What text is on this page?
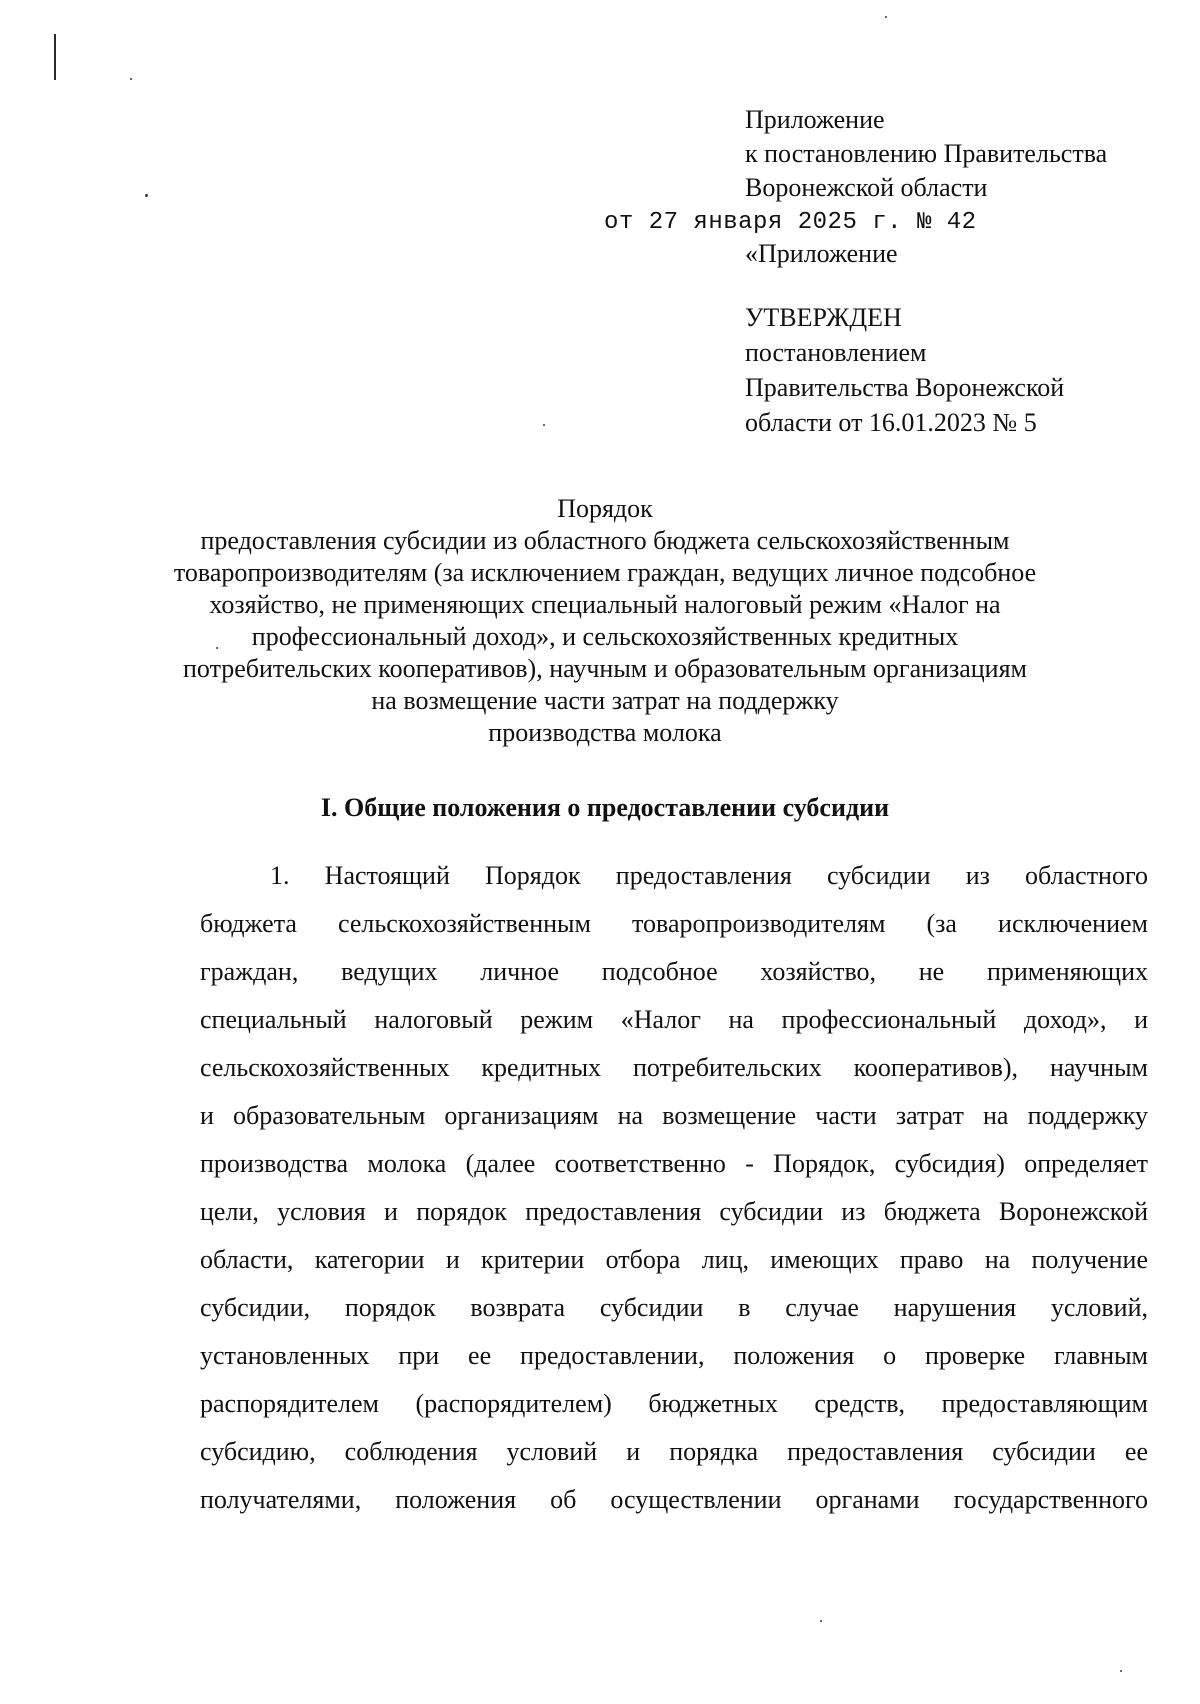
Приложение
к постановлению Правительства
Воронежской области
от 27 января 2025 г. № 42
«Приложение
УТВЕРЖДЕН
постановлением
Правительства Воронежской
области от 16.01.2023 № 5
Порядок
предоставления субсидии из областного бюджета сельскохозяйственным
товаропроизводителям (за исключением граждан, ведущих личное подсобное
хозяйство, не применяющих специальный налоговый режим «Налог на
профессиональный доход», и сельскохозяйственных кредитных
потребительских кооперативов), научным и образовательным организациям
на возмещение части затрат на поддержку
производства молока
I. Общие положения о предоставлении субсидии
1. Настоящий Порядок предоставления субсидии из областного
бюджета сельскохозяйственным товаропроизводителям (за исключением
граждан, ведущих личное подсобное хозяйство, не применяющих
специальный налоговый режим «Налог на профессиональный доход», и
сельскохозяйственных кредитных потребительских кооперативов), научным
и образовательным организациям на возмещение части затрат на поддержку
производства молока (далее соответственно - Порядок, субсидия) определяет
цели, условия и порядок предоставления субсидии из бюджета Воронежской
области, категории и критерии отбора лиц, имеющих право на получение
субсидии, порядок возврата субсидии в случае нарушения условий,
установленных при ее предоставлении, положения о проверке главным
распорядителем (распорядителем) бюджетных средств, предоставляющим
субсидию, соблюдения условий и порядка предоставления субсидии ее
получателями, положения об осуществлении органами государственного
